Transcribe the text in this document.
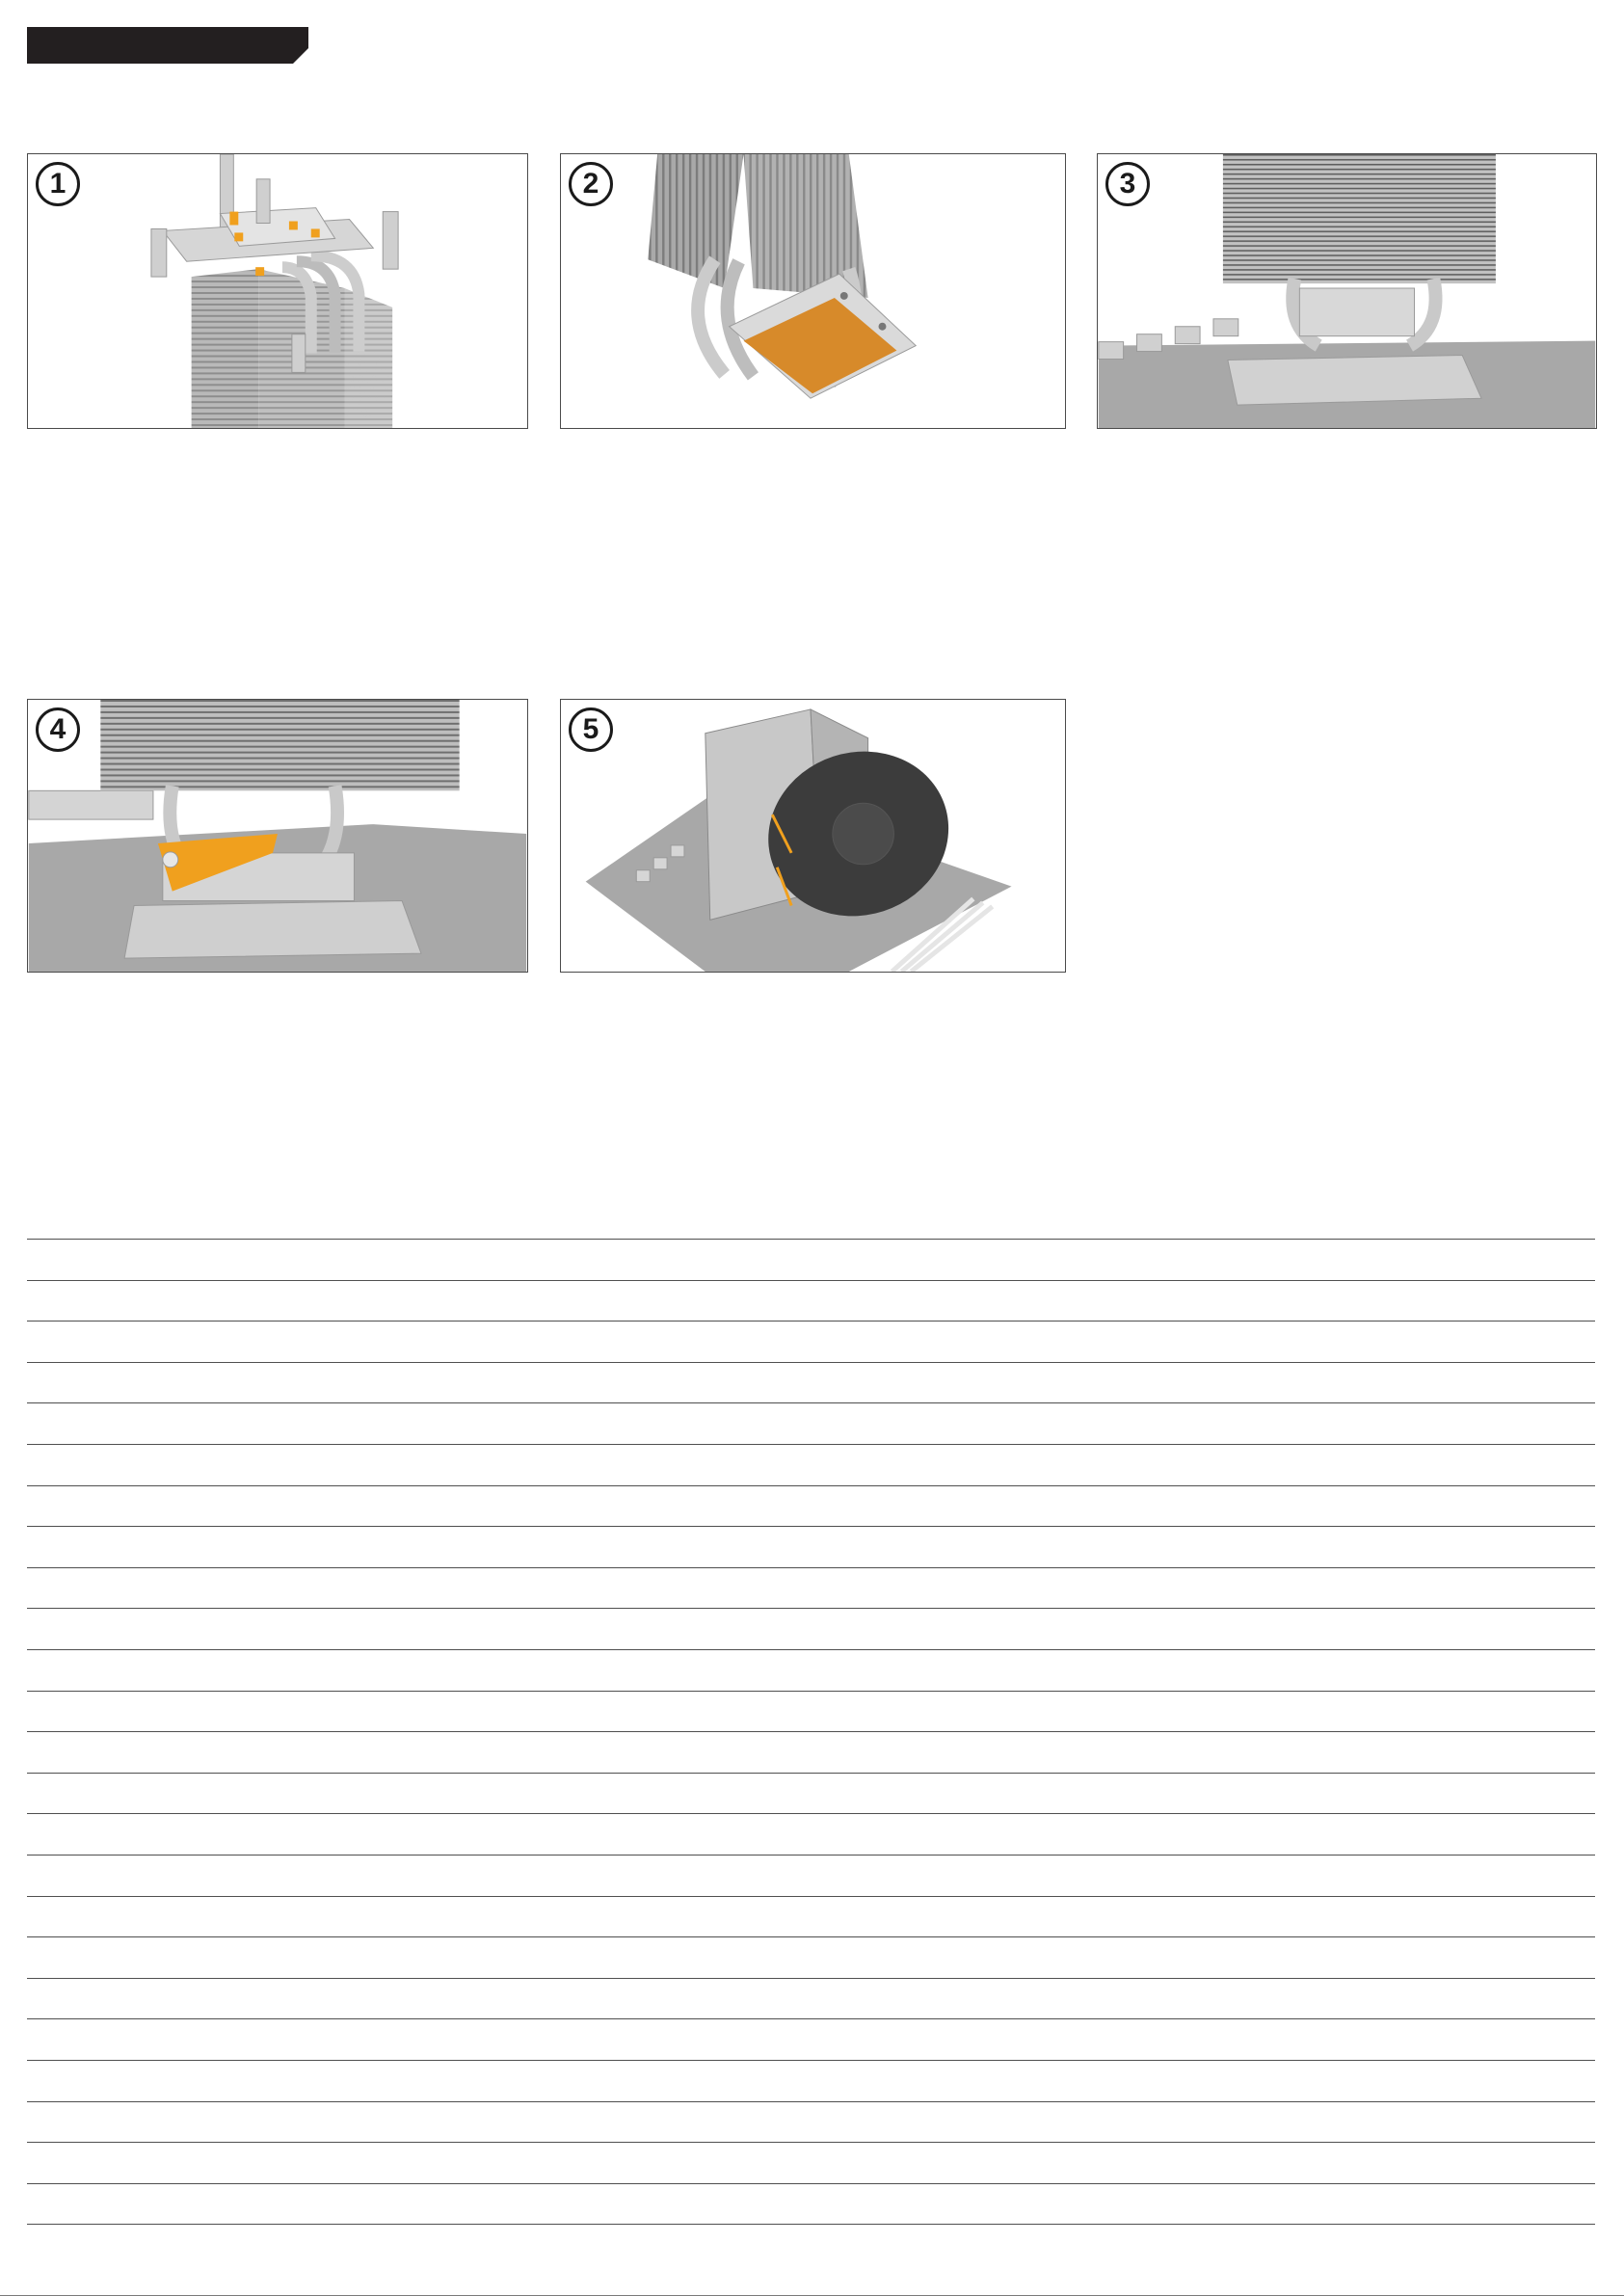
1	2	3
4	5
